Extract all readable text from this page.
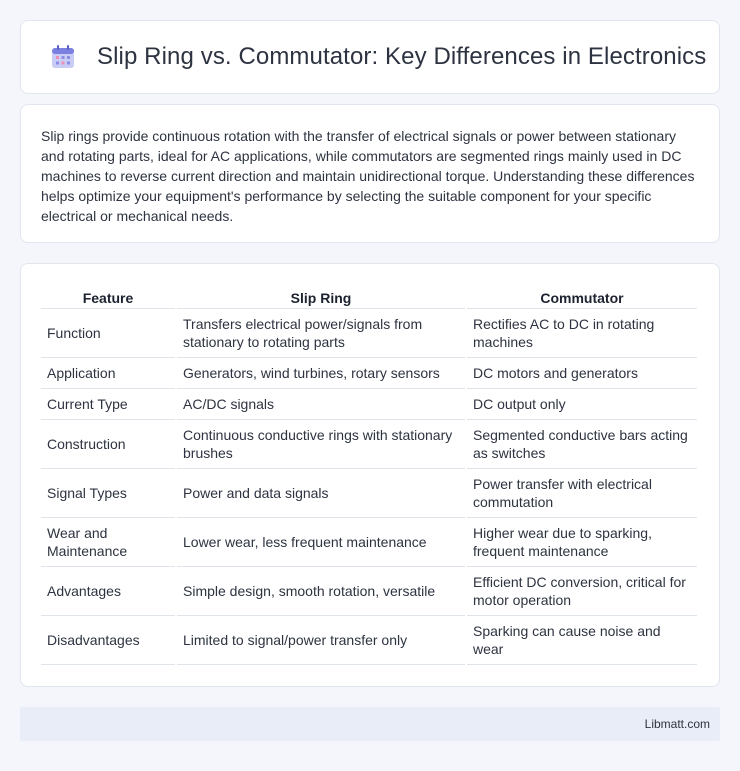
Slip Ring vs. Commutator: Key Differences in Electronics

Slip rings provide continuous rotation with the transfer of electrical signals or power between stationary and rotating parts, ideal for AC applications, while commutators are segmented rings mainly used in DC machines to reverse current direction and maintain unidirectional torque. Understanding these differences helps optimize your equipment's performance by selecting the suitable component for your specific electrical or mechanical needs.

Feature	Slip Ring	Commutator
Function	Transfers electrical power/signals from stationary to rotating parts	Rectifies AC to DC in rotating machines
Application	Generators, wind turbines, rotary sensors	DC motors and generators
Current Type	AC/DC signals	DC output only
Construction	Continuous conductive rings with stationary brushes	Segmented conductive bars acting as switches
Signal Types	Power and data signals	Power transfer with electrical commutation
Wear and Maintenance	Lower wear, less frequent maintenance	Higher wear due to sparking, frequent maintenance
Advantages	Simple design, smooth rotation, versatile	Efficient DC conversion, critical for motor operation
Disadvantages	Limited to signal/power transfer only	Sparking can cause noise and wear
Libmatt.com
